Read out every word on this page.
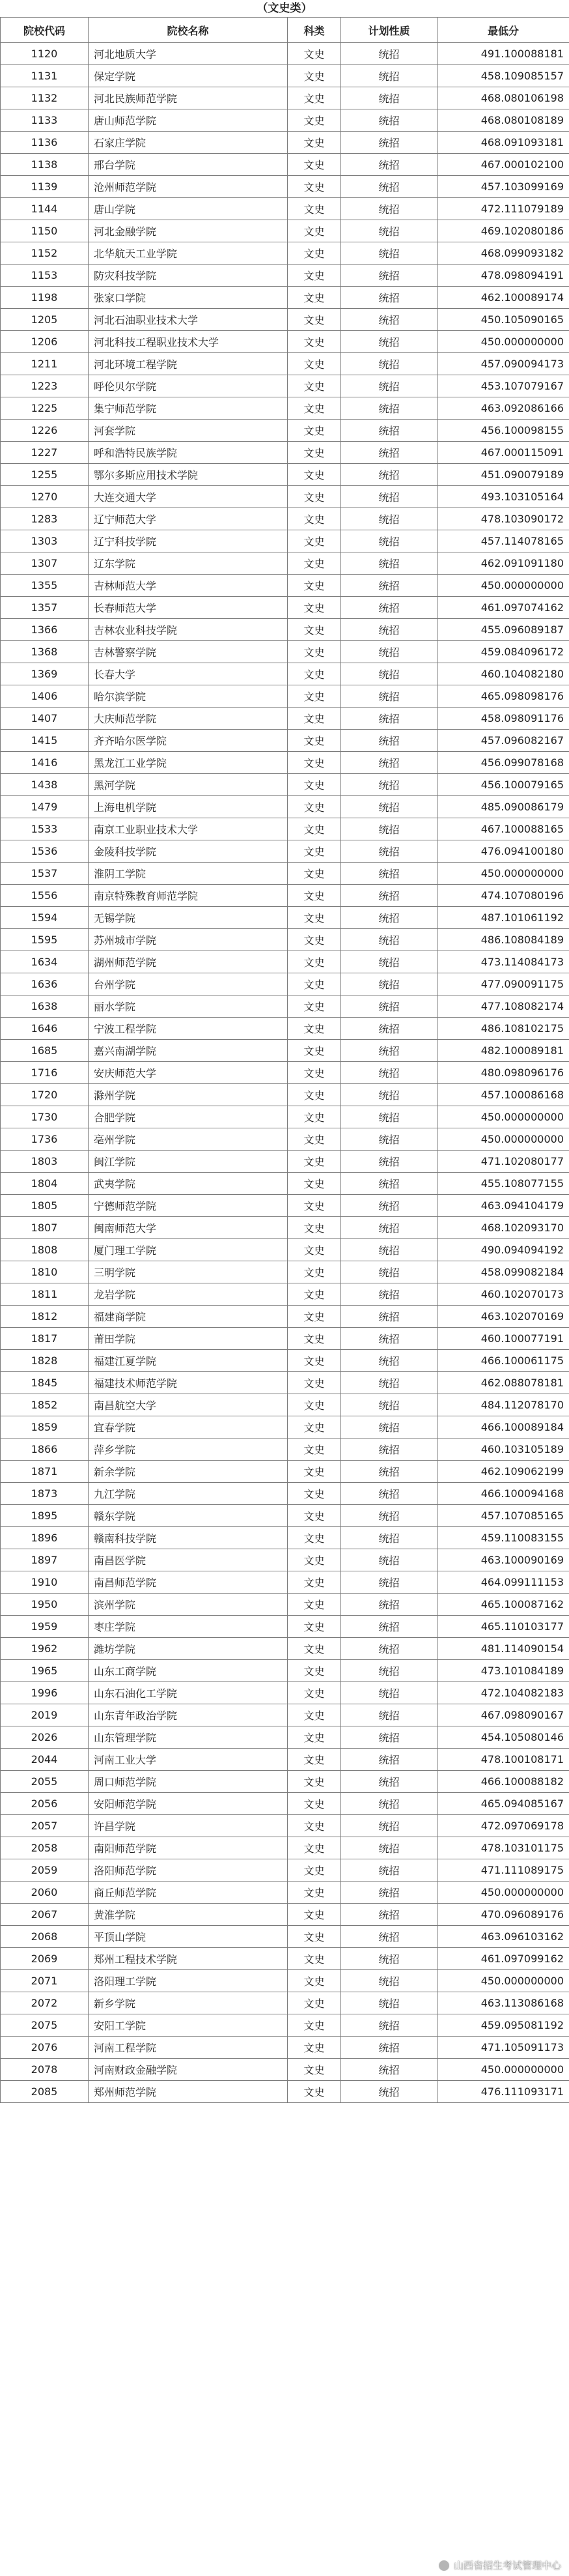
（文史类）
院校代码	院校名称	科类	计划性质	最低分
1120	河北地质大学	文史	统招	491.100088181
1131	保定学院	文史	统招	458.109085157
1132	河北民族师范学院	文史	统招	468.080106198
1133	唐山师范学院	文史	统招	468.080108189
1136	石家庄学院	文史	统招	468.091093181
1138	邢台学院	文史	统招	467.000102100
1139	沧州师范学院	文史	统招	457.103099169
1144	唐山学院	文史	统招	472.111079189
1150	河北金融学院	文史	统招	469.102080186
1152	北华航天工业学院	文史	统招	468.099093182
1153	防灾科技学院	文史	统招	478.098094191
1198	张家口学院	文史	统招	462.100089174
1205	河北石油职业技术大学	文史	统招	450.105090165
1206	河北科技工程职业技术大学	文史	统招	450.000000000
1211	河北环境工程学院	文史	统招	457.090094173
1223	呼伦贝尔学院	文史	统招	453.107079167
1225	集宁师范学院	文史	统招	463.092086166
1226	河套学院	文史	统招	456.100098155
1227	呼和浩特民族学院	文史	统招	467.000115091
1255	鄂尔多斯应用技术学院	文史	统招	451.090079189
1270	大连交通大学	文史	统招	493.103105164
1283	辽宁师范大学	文史	统招	478.103090172
1303	辽宁科技学院	文史	统招	457.114078165
1307	辽东学院	文史	统招	462.091091180
1355	吉林师范大学	文史	统招	450.000000000
1357	长春师范大学	文史	统招	461.097074162
1366	吉林农业科技学院	文史	统招	455.096089187
1368	吉林警察学院	文史	统招	459.084096172
1369	长春大学	文史	统招	460.104082180
1406	哈尔滨学院	文史	统招	465.098098176
1407	大庆师范学院	文史	统招	458.098091176
1415	齐齐哈尔医学院	文史	统招	457.096082167
1416	黑龙江工业学院	文史	统招	456.099078168
1438	黑河学院	文史	统招	456.100079165
1479	上海电机学院	文史	统招	485.090086179
1533	南京工业职业技术大学	文史	统招	467.100088165
1536	金陵科技学院	文史	统招	476.094100180
1537	淮阴工学院	文史	统招	450.000000000
1556	南京特殊教育师范学院	文史	统招	474.107080196
1594	无锡学院	文史	统招	487.101061192
1595	苏州城市学院	文史	统招	486.108084189
1634	湖州师范学院	文史	统招	473.114084173
1636	台州学院	文史	统招	477.090091175
1638	丽水学院	文史	统招	477.108082174
1646	宁波工程学院	文史	统招	486.108102175
1685	嘉兴南湖学院	文史	统招	482.100089181
1716	安庆师范大学	文史	统招	480.098096176
1720	滁州学院	文史	统招	457.100086168
1730	合肥学院	文史	统招	450.000000000
1736	亳州学院	文史	统招	450.000000000
1803	闽江学院	文史	统招	471.102080177
1804	武夷学院	文史	统招	455.108077155
1805	宁德师范学院	文史	统招	463.094104179
1807	闽南师范大学	文史	统招	468.102093170
1808	厦门理工学院	文史	统招	490.094094192
1810	三明学院	文史	统招	458.099082184
1811	龙岩学院	文史	统招	460.102070173
1812	福建商学院	文史	统招	463.102070169
1817	莆田学院	文史	统招	460.100077191
1828	福建江夏学院	文史	统招	466.100061175
1845	福建技术师范学院	文史	统招	462.088078181
1852	南昌航空大学	文史	统招	484.112078170
1859	宜春学院	文史	统招	466.100089184
1866	萍乡学院	文史	统招	460.103105189
1871	新余学院	文史	统招	462.109062199
1873	九江学院	文史	统招	466.100094168
1895	赣东学院	文史	统招	457.107085165
1896	赣南科技学院	文史	统招	459.110083155
1897	南昌医学院	文史	统招	463.100090169
1910	南昌师范学院	文史	统招	464.099111153
1950	滨州学院	文史	统招	465.100087162
1959	枣庄学院	文史	统招	465.110103177
1962	潍坊学院	文史	统招	481.114090154
1965	山东工商学院	文史	统招	473.101084189
1996	山东石油化工学院	文史	统招	472.104082183
2019	山东青年政治学院	文史	统招	467.098090167
2026	山东管理学院	文史	统招	454.105080146
2044	河南工业大学	文史	统招	478.100108171
2055	周口师范学院	文史	统招	466.100088182
2056	安阳师范学院	文史	统招	465.094085167
2057	许昌学院	文史	统招	472.097069178
2058	南阳师范学院	文史	统招	478.103101175
2059	洛阳师范学院	文史	统招	471.111089175
2060	商丘师范学院	文史	统招	450.000000000
2067	黄淮学院	文史	统招	470.096089176
2068	平顶山学院	文史	统招	463.096103162
2069	郑州工程技术学院	文史	统招	461.097099162
2071	洛阳理工学院	文史	统招	450.000000000
2072	新乡学院	文史	统招	463.113086168
2075	安阳工学院	文史	统招	459.095081192
2076	河南工程学院	文史	统招	471.105091173
2078	河南财政金融学院	文史	统招	450.000000000
2085	郑州师范学院	文史	统招	476.111093171
山西省招生考试管理中心
